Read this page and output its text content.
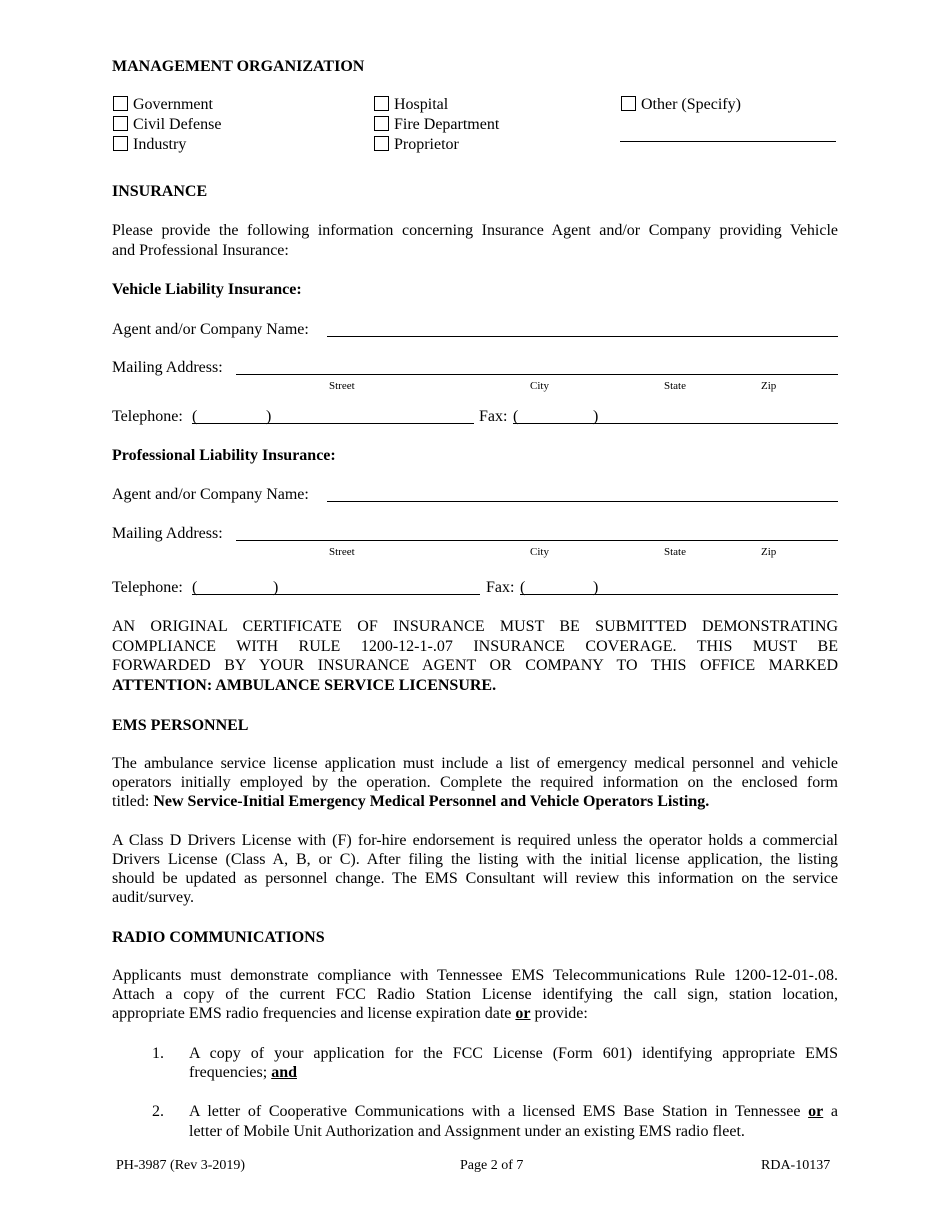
MANAGEMENT ORGANIZATION
Government
Civil Defense
Industry
Hospital
Fire Department
Proprietor
Other (Specify)
INSURANCE
Please provide the following information concerning Insurance Agent and/or Company providing Vehicle
and Professional Insurance:
Vehicle Liability Insurance:
Agent and/or Company Name:
Mailing Address:
Street	City	State	Zip
Telephone: (	)	Fax: (	)
Professional Liability Insurance:
Agent and/or Company Name:
Mailing Address:
Street	City	State	Zip
Telephone: (	)	Fax: (	)
AN ORIGINAL CERTIFICATE OF INSURANCE MUST BE SUBMITTED DEMONSTRATING
COMPLIANCE WITH RULE 1200-12-1-.07 INSURANCE COVERAGE. THIS MUST BE
FORWARDED BY YOUR INSURANCE AGENT OR COMPANY TO THIS OFFICE MARKED
ATTENTION: AMBULANCE SERVICE LICENSURE.
EMS PERSONNEL
The ambulance service license application must include a list of emergency medical personnel and vehicle
operators initially employed by the operation. Complete the required information on the enclosed form
titled: New Service-Initial Emergency Medical Personnel and Vehicle Operators Listing.
A Class D Drivers License with (F) for-hire endorsement is required unless the operator holds a commercial
Drivers License (Class A, B, or C). After filing the listing with the initial license application, the listing
should be updated as personnel change. The EMS Consultant will review this information on the service
audit/survey.
RADIO COMMUNICATIONS
Applicants must demonstrate compliance with Tennessee EMS Telecommunications Rule 1200-12-01-.08.
Attach a copy of the current FCC Radio Station License identifying the call sign, station location,
appropriate EMS radio frequencies and license expiration date or provide:
1. A copy of your application for the FCC License (Form 601) identifying appropriate EMS
frequencies; and
2. A letter of Cooperative Communications with a licensed EMS Base Station in Tennessee or a
letter of Mobile Unit Authorization and Assignment under an existing EMS radio fleet.
PH-3987 (Rev 3-2019)	Page 2 of 7	RDA-10137
